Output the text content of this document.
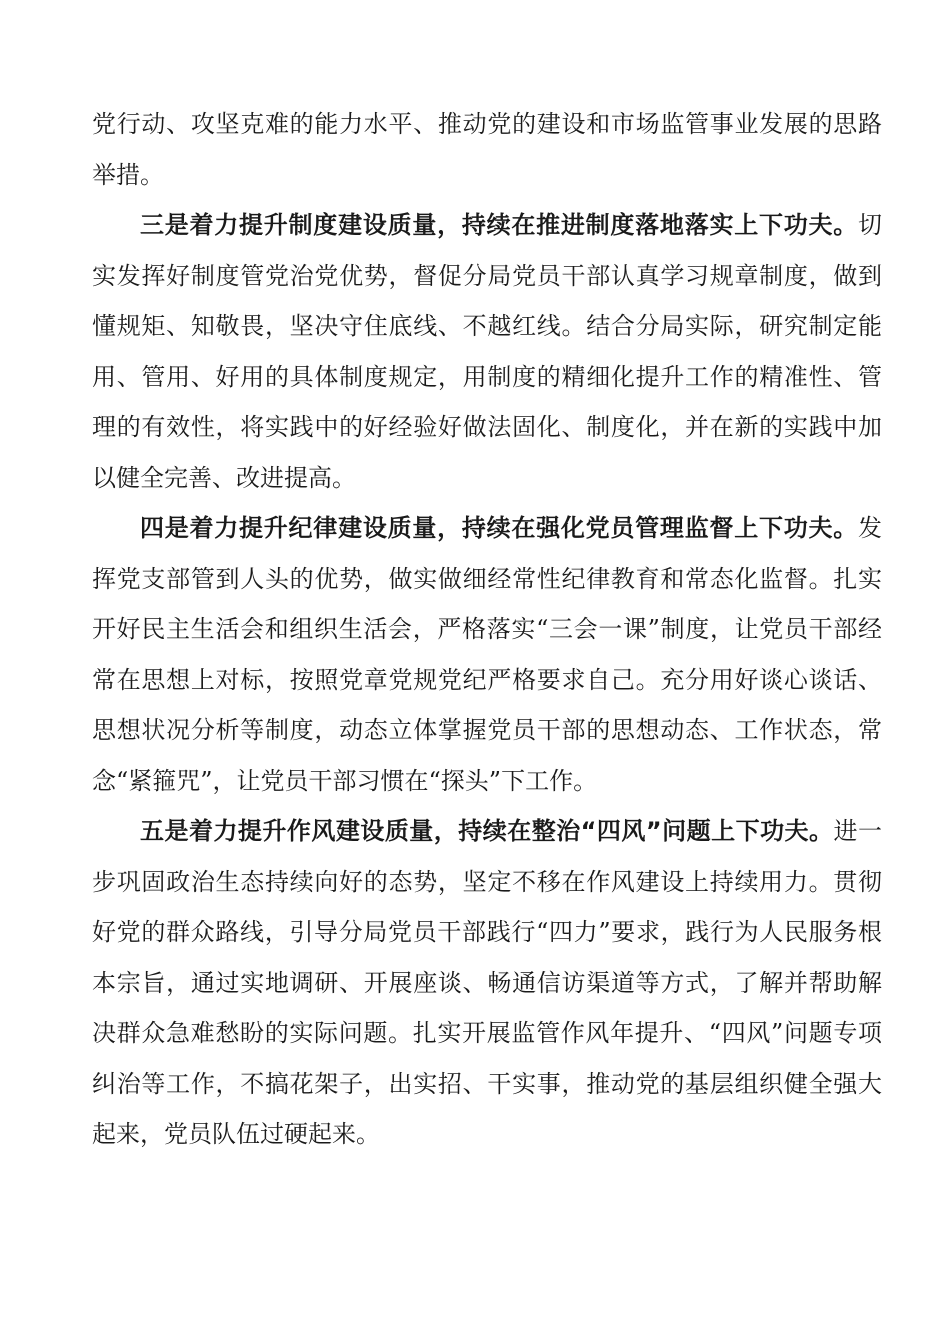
党行动、攻坚克难的能力水平、推动党的建设和市场监管事业发展的思路举措。

三是着力提升制度建设质量，持续在推进制度落地落实上下功夫。切实发挥好制度管党治党优势，督促分局党员干部认真学习规章制度，做到懂规矩、知敬畏，坚决守住底线、不越红线。结合分局实际，研究制定能用、管用、好用的具体制度规定，用制度的精细化提升工作的精准性、管理的有效性，将实践中的好经验好做法固化、制度化，并在新的实践中加以健全完善、改进提高。

四是着力提升纪律建设质量，持续在强化党员管理监督上下功夫。发挥党支部管到人头的优势，做实做细经常性纪律教育和常态化监督。扎实开好民主生活会和组织生活会，严格落实“三会一课”制度，让党员干部经常在思想上对标，按照党章党规党纪严格要求自己。充分用好谈心谈话、思想状况分析等制度，动态立体掌握党员干部的思想动态、工作状态，常念“紧箍咒”，让党员干部习惯在“探头”下工作。

五是着力提升作风建设质量，持续在整治“四风”问题上下功夫。进一步巩固政治生态持续向好的态势，坚定不移在作风建设上持续用力。贯彻好党的群众路线，引导分局党员干部践行“四力”要求，践行为人民服务根本宗旨，通过实地调研、开展座谈、畅通信访渠道等方式，了解并帮助解决群众急难愁盼的实际问题。扎实开展监管作风年提升、“四风”问题专项纠治等工作，不搞花架子，出实招、干实事，推动党的基层组织健全强大起来，党员队伍过硬起来。
